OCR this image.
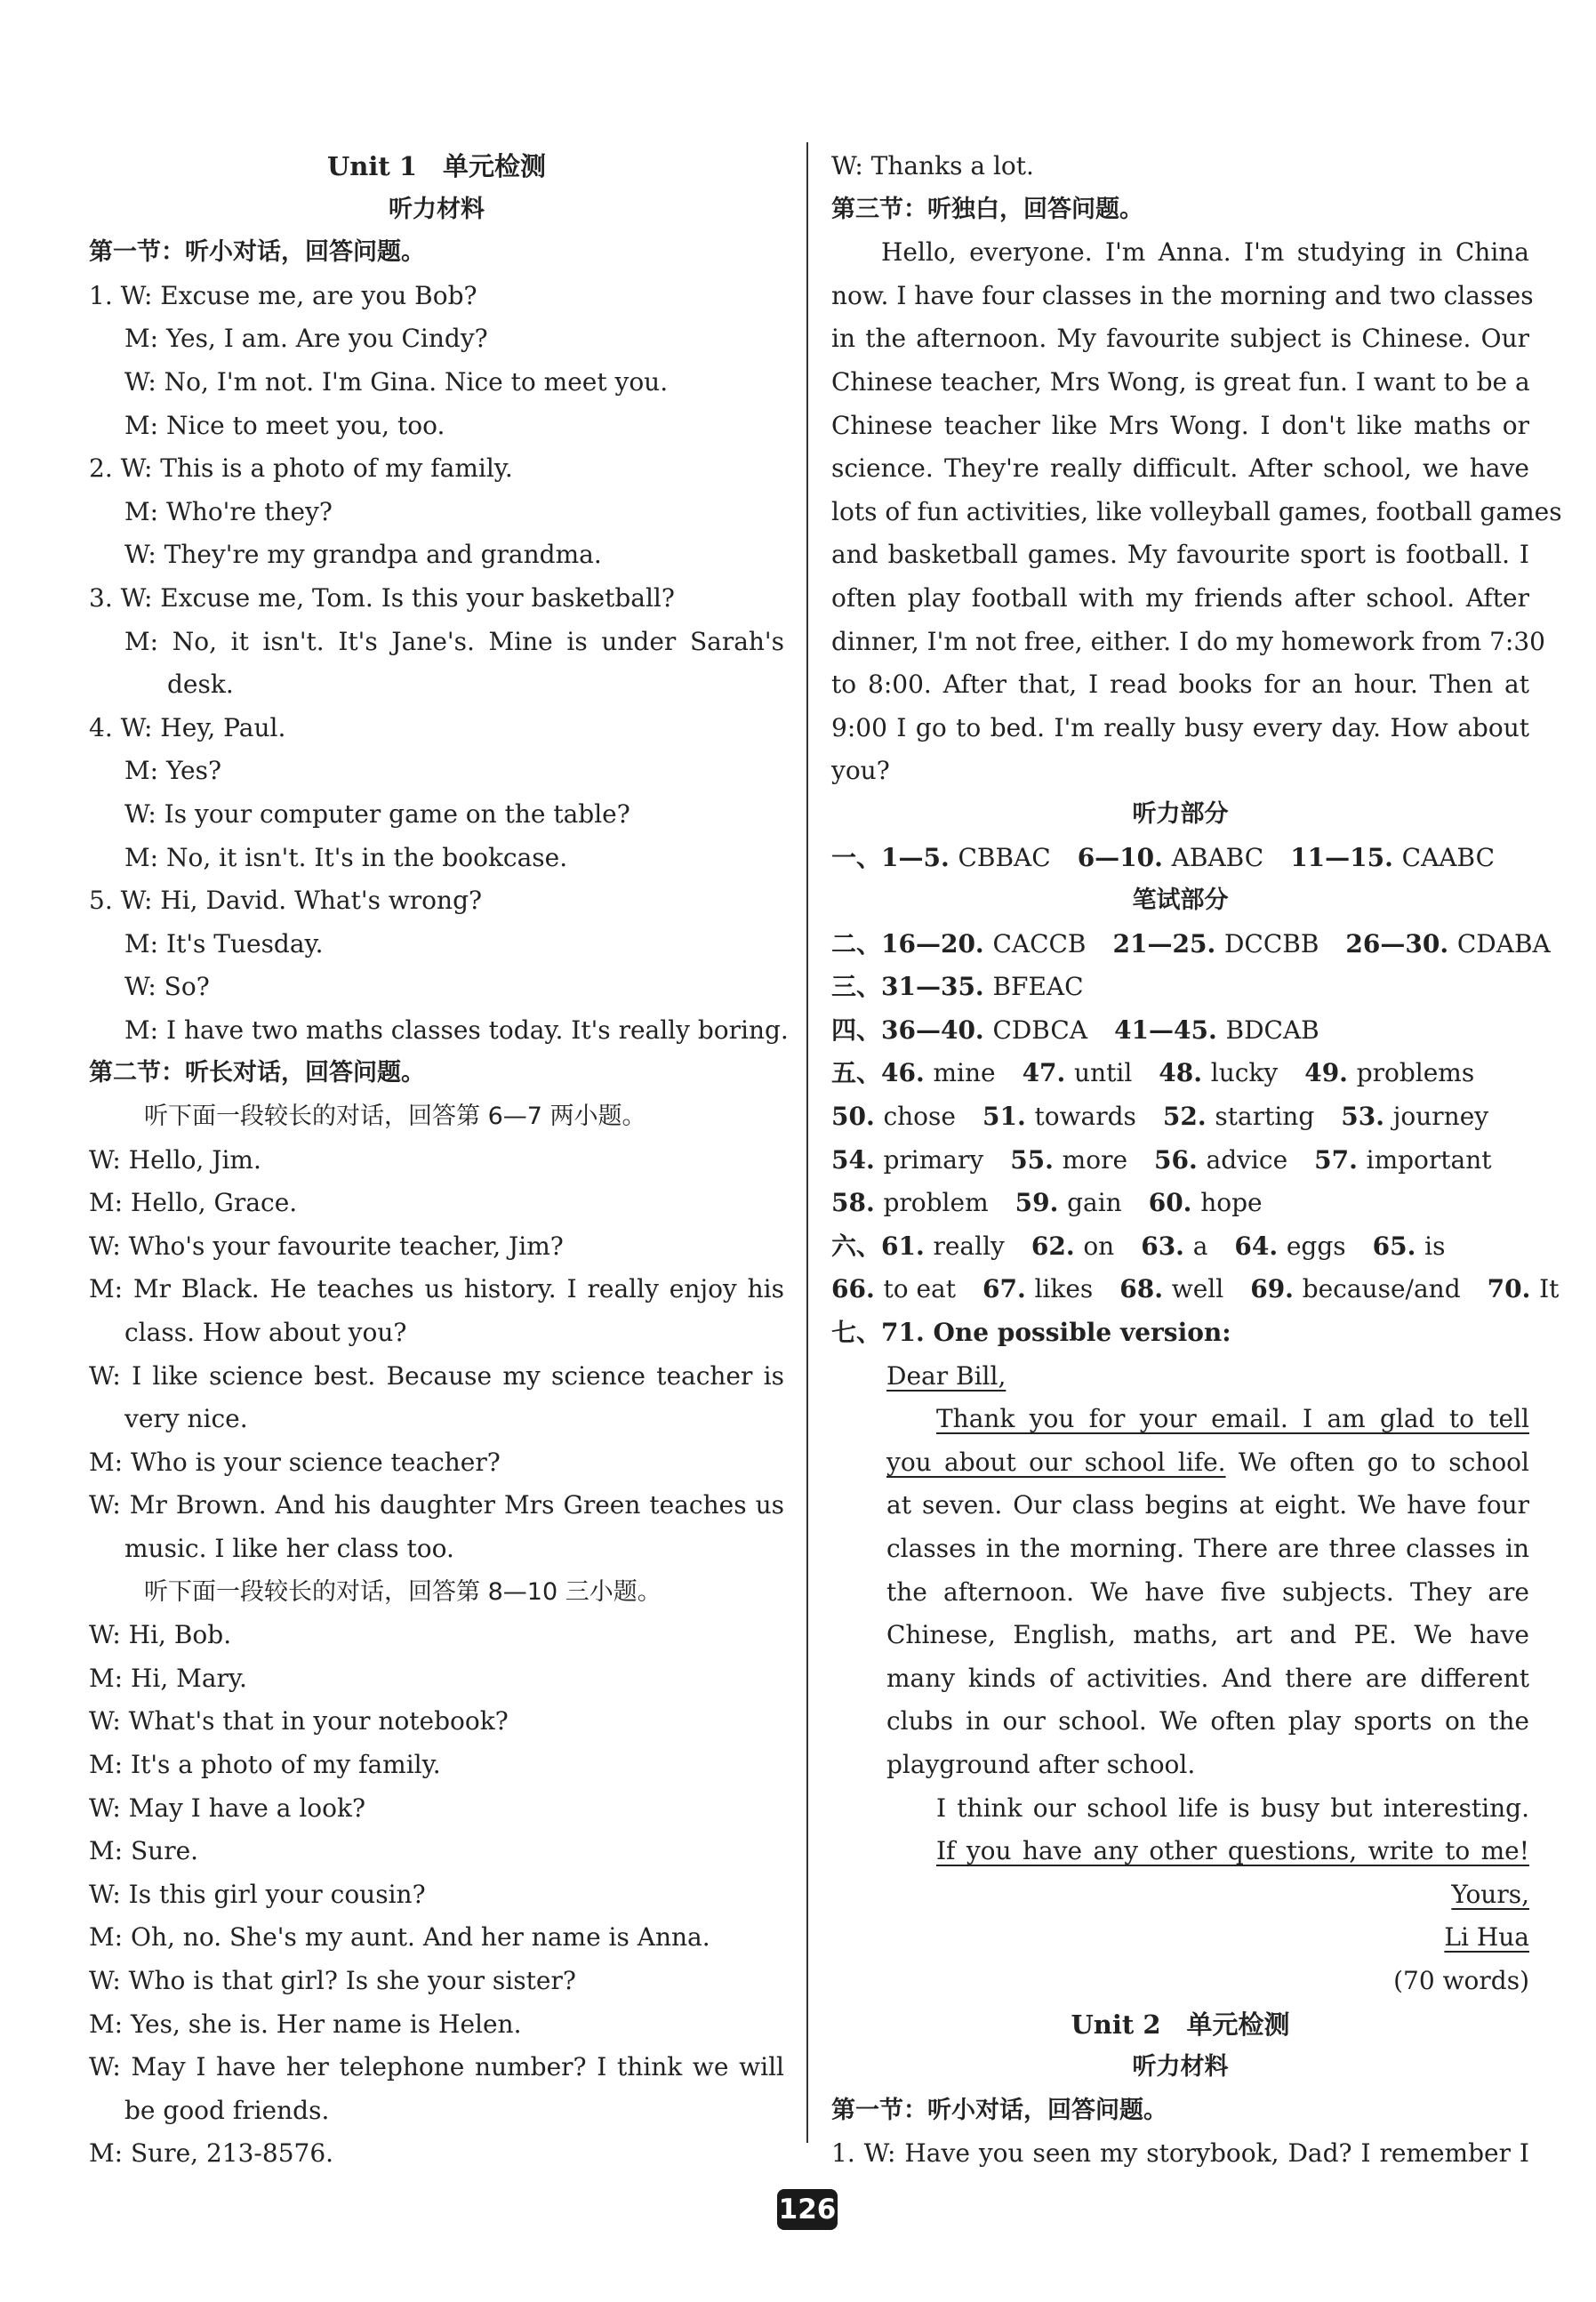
Unit 1　单元检测
听力材料
第一节：听小对话，回答问题。
1. W: Excuse me, are you Bob?
M: Yes, I am. Are you Cindy?
W: No, I'm not. I'm Gina. Nice to meet you.
M: Nice to meet you, too.
2. W: This is a photo of my family.
M: Who're they?
W: They're my grandpa and grandma.
3. W: Excuse me, Tom. Is this your basketball?
M: No, it isn't. It's Jane's. Mine is under Sarah's
desk.
4. W: Hey, Paul.
M: Yes?
W: Is your computer game on the table?
M: No, it isn't. It's in the bookcase.
5. W: Hi, David. What's wrong?
M: It's Tuesday.
W: So?
M: I have two maths classes today. It's really boring.
第二节：听长对话，回答问题。
听下面一段较长的对话，回答第 6—7 两小题。
W: Hello, Jim.
M: Hello, Grace.
W: Who's your favourite teacher, Jim?
M: Mr Black. He teaches us history. I really enjoy his
class. How about you?
W: I like science best. Because my science teacher is
very nice.
M: Who is your science teacher?
W: Mr Brown. And his daughter Mrs Green teaches us
music. I like her class too.
听下面一段较长的对话，回答第 8—10 三小题。
W: Hi, Bob.
M: Hi, Mary.
W: What's that in your notebook?
M: It's a photo of my family.
W: May I have a look?
M: Sure.
W: Is this girl your cousin?
M: Oh, no. She's my aunt. And her name is Anna.
W: Who is that girl? Is she your sister?
M: Yes, she is. Her name is Helen.
W: May I have her telephone number? I think we will
be good friends.
M: Sure, 213-8576.
W: Thanks a lot.
第三节：听独白，回答问题。
Hello, everyone. I'm Anna. I'm studying in China
now. I have four classes in the morning and two classes
in the afternoon. My favourite subject is Chinese. Our
Chinese teacher, Mrs Wong, is great fun. I want to be a
Chinese teacher like Mrs Wong. I don't like maths or
science. They're really difficult. After school, we have
lots of fun activities, like volleyball games, football games
and basketball games. My favourite sport is football. I
often play football with my friends after school. After
dinner, I'm not free, either. I do my homework from 7:30
to 8:00. After that, I read books for an hour. Then at
9:00 I go to bed. I'm really busy every day. How about
you?
听力部分
一、1—5. CBBAC 6—10. ABABC 11—15. CAABC
笔试部分
二、16—20. CACCB 21—25. DCCBB 26—30. CDABA
三、31—35. BFEAC
四、36—40. CDBCA 41—45. BDCAB
五、46. mine 47. until 48. lucky 49. problems
50. chose 51. towards 52. starting 53. journey
54. primary 55. more 56. advice 57. important
58. problem 59. gain 60. hope
六、61. really 62. on 63. a 64. eggs 65. is
66. to eat 67. likes 68. well 69. because/and 70. It
七、71. One possible version:
Dear Bill,
Thank you for your email. I am glad to tell
you about our school life. We often go to school
at seven. Our class begins at eight. We have four
classes in the morning. There are three classes in
the afternoon. We have five subjects. They are
Chinese, English, maths, art and PE. We have
many kinds of activities. And there are different
clubs in our school. We often play sports on the
playground after school.
I think our school life is busy but interesting.
If you have any other questions, write to me!
Yours,
Li Hua
(70 words)
Unit 2　单元检测
听力材料
第一节：听小对话，回答问题。
1. W: Have you seen my storybook, Dad? I remember I
126
